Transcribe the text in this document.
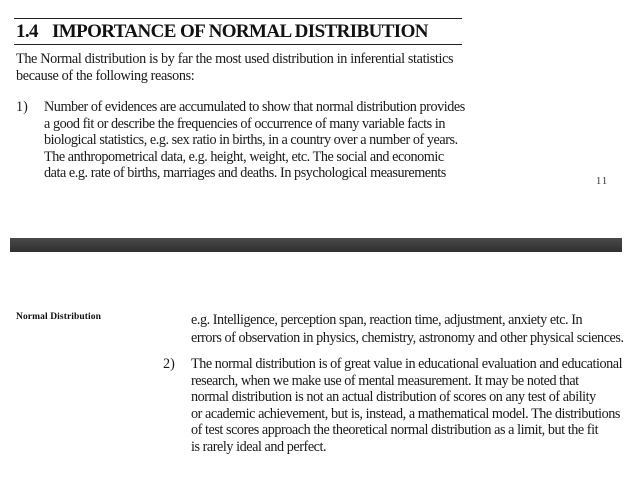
1.4 IMPORTANCE OF NORMAL DISTRIBUTION
The Normal distribution is by far the most used distribution in inferential statistics
because of the following reasons:
1) Number of evidences are accumulated to show that normal distribution provides
a good fit or describe the frequencies of occurrence of many variable facts in
biological statistics, e.g. sex ratio in births, in a country over a number of years.
The anthropometrical data, e.g. height, weight, etc. The social and economic
data e.g. rate of births, marriages and deaths. In psychological measurements
11
Normal Distribution	e.g. Intelligence, perception span, reaction time, adjustment, anxiety etc. In
errors of observation in physics, chemistry, astronomy and other physical sciences.
2) The normal distribution is of great value in educational evaluation and educational
research, when we make use of mental measurement. It may be noted that
normal distribution is not an actual distribution of scores on any test of ability
or academic achievement, but is, instead, a mathematical model. The distributions
of test scores approach the theoretical normal distribution as a limit, but the fit
is rarely ideal and perfect.
